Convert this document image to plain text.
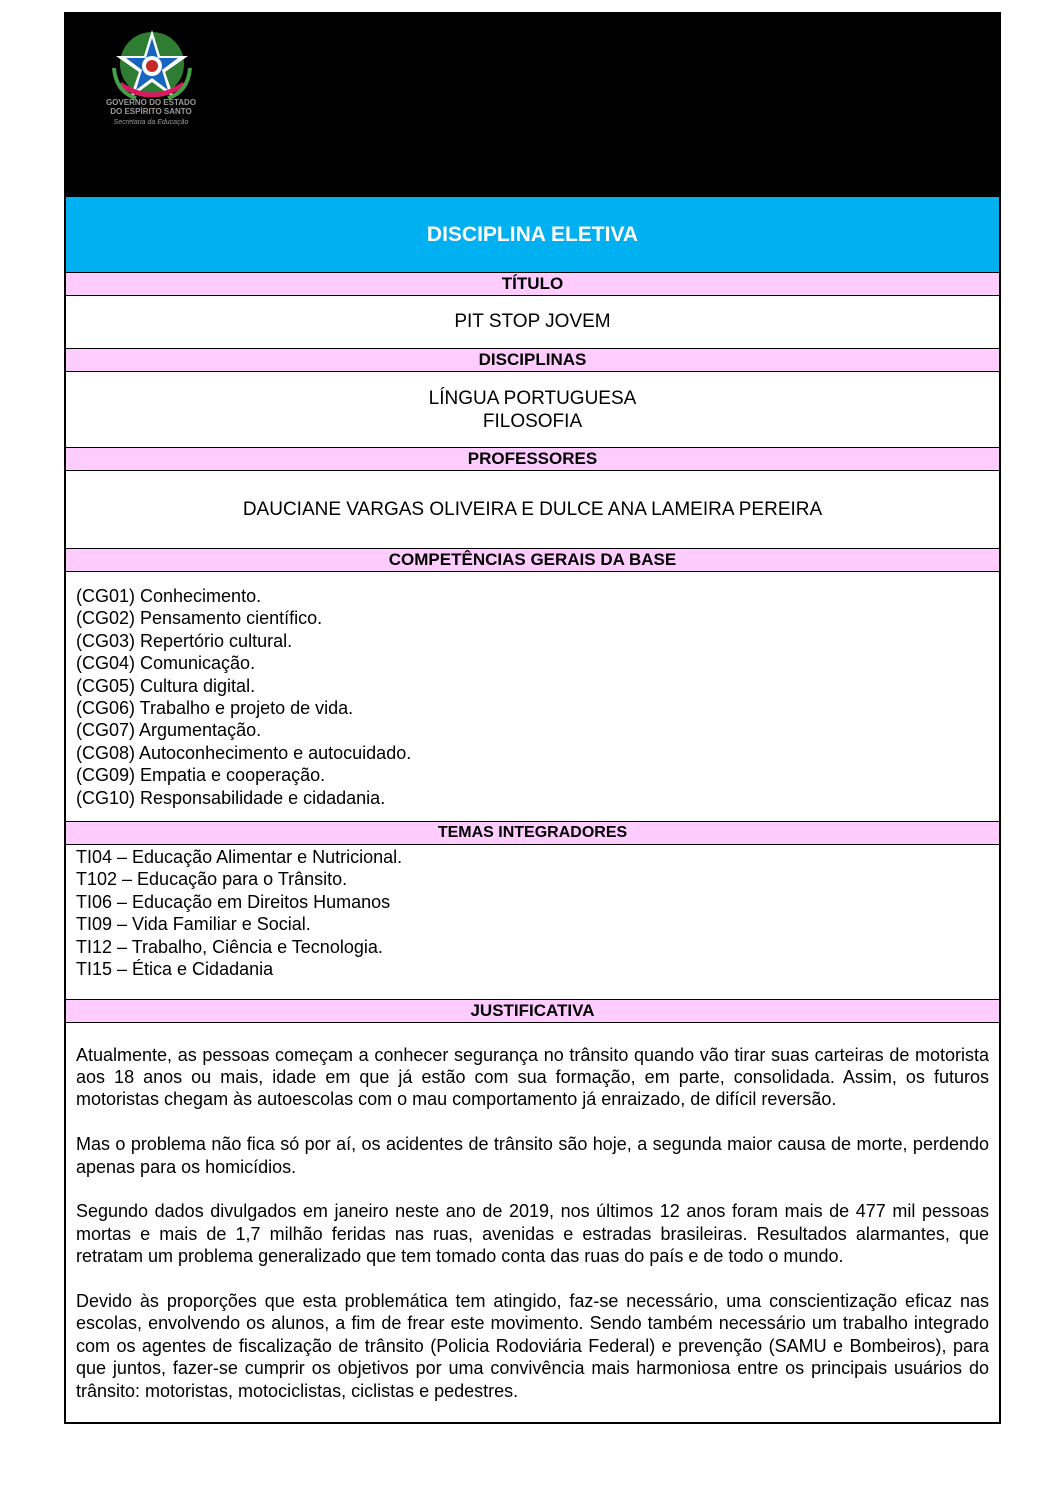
GOVERNO DO ESTADO
DO ESPÍRITO SANTO
Secretaria da Educação
DISCIPLINA ELETIVA
TÍTULO
PIT STOP JOVEM
DISCIPLINAS
LÍNGUA PORTUGUESA
FILOSOFIA
PROFESSORES
DAUCIANE VARGAS OLIVEIRA E DULCE ANA LAMEIRA PEREIRA
COMPETÊNCIAS GERAIS DA BASE
(CG01) Conhecimento.
(CG02) Pensamento científico.
(CG03) Repertório cultural.
(CG04) Comunicação.
(CG05) Cultura digital.
(CG06) Trabalho e projeto de vida.
(CG07) Argumentação.
(CG08) Autoconhecimento e autocuidado.
(CG09) Empatia e cooperação.
(CG10) Responsabilidade e cidadania.
TEMAS INTEGRADORES
TI04 – Educação Alimentar e Nutricional.
T102 – Educação para o Trânsito.
TI06 – Educação em Direitos Humanos
TI09 – Vida Familiar e Social.
TI12 – Trabalho, Ciência e Tecnologia.
TI15 – Ética e Cidadania
JUSTIFICATIVA

Atualmente, as pessoas começam a conhecer segurança no trânsito quando vão tirar suas carteiras de motorista aos 18 anos ou mais, idade em que já estão com sua formação, em parte, consolidada. Assim, os futuros motoristas chegam às autoescolas com o mau comportamento já enraizado, de difícil reversão.

Mas o problema não fica só por aí, os acidentes de trânsito são hoje, a segunda maior causa de morte, perdendo apenas para os homicídios.

Segundo dados divulgados em janeiro neste ano de 2019, nos últimos 12 anos foram mais de 477 mil pessoas mortas e mais de 1,7 milhão feridas nas ruas, avenidas e estradas brasileiras. Resultados alarmantes, que retratam um problema generalizado que tem tomado conta das ruas do país e de todo o mundo.

Devido às proporções que esta problemática tem atingido, faz-se necessário, uma conscientização eficaz nas escolas, envolvendo os alunos, a fim de frear este movimento. Sendo também necessário um trabalho integrado com os agentes de fiscalização de trânsito (Policia Rodoviária Federal) e prevenção (SAMU e Bombeiros), para que juntos, fazer-se cumprir os objetivos por uma convivência mais harmoniosa entre os principais usuários do trânsito: motoristas, motociclistas, ciclistas e pedestres.
